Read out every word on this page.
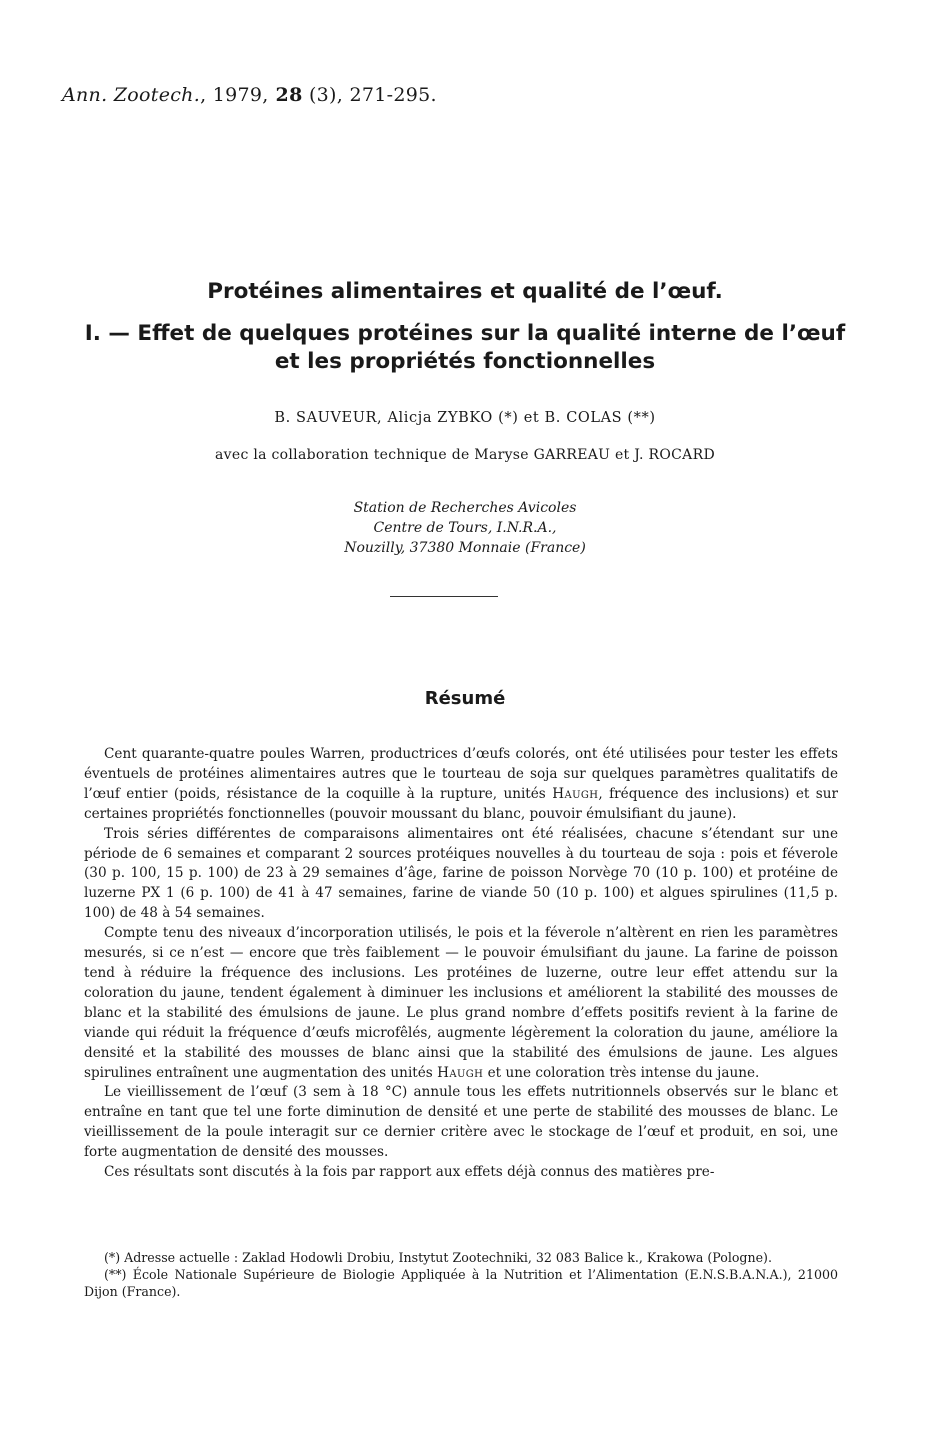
Ann. Zootech., 1979, 28 (3), 271-295.
Protéines alimentaires et qualité de l’œuf.
I. — Effet de quelques protéines sur la qualité interne de l’œuf
et les propriétés fonctionnelles
B. SAUVEUR, Alicja ZYBKO (*) et B. COLAS (**)
avec la collaboration technique de Maryse GARREAU et J. ROCARD
Station de Recherches Avicoles
Centre de Tours, I.N.R.A.,
Nouzilly, 37380 Monnaie (France)
Résumé

Cent quarante-quatre poules Warren, productrices d’œufs colorés, ont été utilisées pour tester les effets éventuels de protéines alimentaires autres que le tourteau de soja sur quelques paramètres qualitatifs de l’œuf entier (poids, résistance de la coquille à la rupture, unités Haugh, fréquence des inclusions) et sur certaines propriétés fonctionnelles (pouvoir moussant du blanc, pouvoir émulsifiant du jaune).

Trois séries différentes de comparaisons alimentaires ont été réalisées, chacune s’étendant sur une période de 6 semaines et comparant 2 sources protéiques nouvelles à du tourteau de soja : pois et féverole (30 p. 100, 15 p. 100) de 23 à 29 semaines d’âge, farine de poisson Norvège 70 (10 p. 100) et protéine de luzerne PX 1 (6 p. 100) de 41 à 47 semaines, farine de viande 50 (10 p. 100) et algues spirulines (11,5 p. 100) de 48 à 54 semaines.

Compte tenu des niveaux d’incorporation utilisés, le pois et la féverole n’altèrent en rien les paramètres mesurés, si ce n’est — encore que très faiblement — le pouvoir émulsifiant du jaune. La farine de poisson tend à réduire la fréquence des inclusions. Les protéines de luzerne, outre leur effet attendu sur la coloration du jaune, tendent également à diminuer les inclusions et améliorent la stabilité des mousses de blanc et la stabilité des émulsions de jaune. Le plus grand nombre d’effets positifs revient à la farine de viande qui réduit la fréquence d’œufs microfêlés, augmente légèrement la coloration du jaune, améliore la densité et la stabilité des mousses de blanc ainsi que la stabilité des émulsions de jaune. Les algues spirulines entraînent une augmentation des unités Haugh et une coloration très intense du jaune.

Le vieillissement de l’œuf (3 sem à 18 °C) annule tous les effets nutritionnels observés sur le blanc et entraîne en tant que tel une forte diminution de densité et une perte de stabilité des mousses de blanc. Le vieillissement de la poule interagit sur ce dernier critère avec le stockage de l’œuf et produit, en soi, une forte augmentation de densité des mousses.

Ces résultats sont discutés à la fois par rapport aux effets déjà connus des matières pre-

(*) Adresse actuelle : Zaklad Hodowli Drobiu, Instytut Zootechniki, 32 083 Balice k., Krakowa (Pologne).

(**) École Nationale Supérieure de Biologie Appliquée à la Nutrition et l’Alimentation (E.N.S.B.A.N.A.), 21000 Dijon (France).
